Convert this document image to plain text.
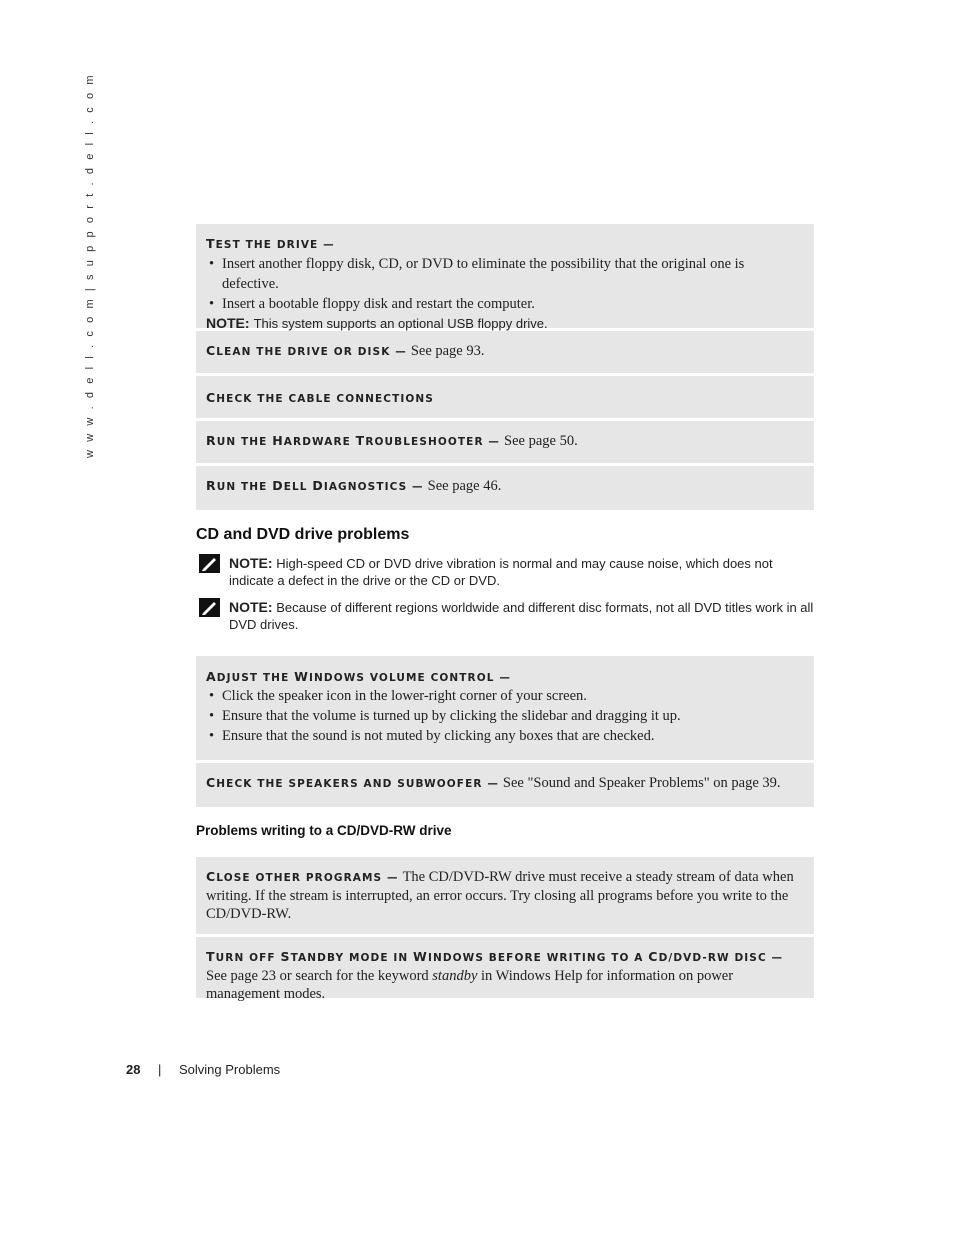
w w w . d e l l . c o m | s u p p o r t . d e l l . c o m	TEST THE DRIVE —
• Insert another floppy disk, CD, or DVD to eliminate the possibility that the original one is defective.
• Insert a bootable floppy disk and restart the computer.
NOTE: This system supports an optional USB floppy drive.
CLEAN THE DRIVE OR DISK — See page 93.
CHECK THE CABLE CONNECTIONS
RUN THE HARDWARE TROUBLESHOOTER — See page 50.
RUN THE DELL DIAGNOSTICS — See page 46.
CD and DVD drive problems
NOTE: High-speed CD or DVD drive vibration is normal and may cause noise, which does not indicate a defect in the drive or the CD or DVD.
NOTE: Because of different regions worldwide and different disc formats, not all DVD titles work in all DVD drives.
ADJUST THE WINDOWS VOLUME CONTROL —
• Click the speaker icon in the lower-right corner of your screen.
• Ensure that the volume is turned up by clicking the slidebar and dragging it up.
• Ensure that the sound is not muted by clicking any boxes that are checked.
CHECK THE SPEAKERS AND SUBWOOFER — See "Sound and Speaker Problems" on page 39.
Problems writing to a CD/DVD-RW drive
CLOSE OTHER PROGRAMS — The CD/DVD-RW drive must receive a steady stream of data when writing. If the stream is interrupted, an error occurs. Try closing all programs before you write to the CD/DVD-RW.
TURN OFF STANDBY MODE IN WINDOWS BEFORE WRITING TO A CD/DVD-RW DISC — See page 23 or search for the keyword standby in Windows Help for information on power management modes.
28 | Solving Problems
